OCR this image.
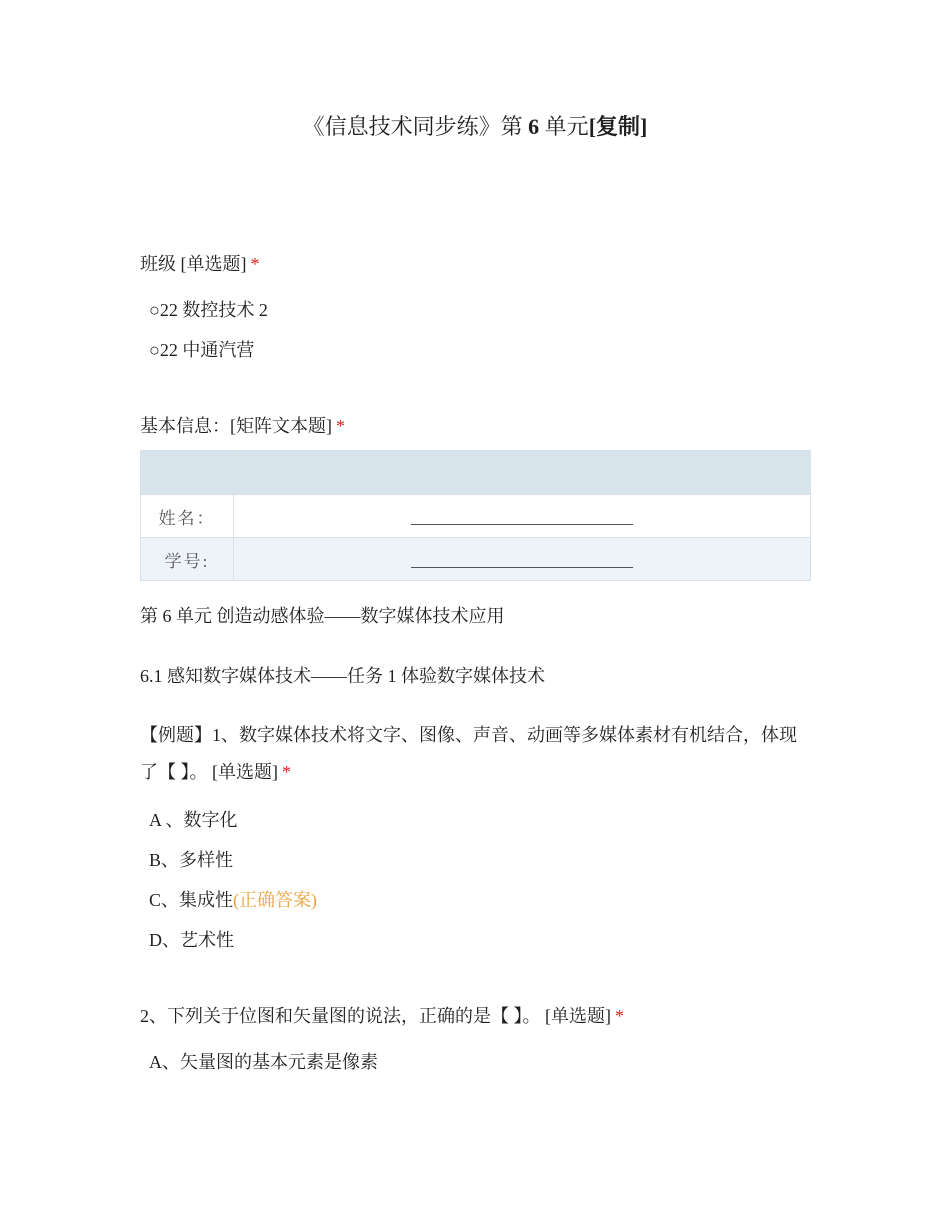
《信息技术同步练》第 6 单元[复制]
班级 [单选题] *
○22 数控技术 2
○22 中通汽营
基本信息：[矩阵文本题] *

姓名：	
学号:	
第 6 单元 创造动感体验——数字媒体技术应用
6.1 感知数字媒体技术——任务 1 体验数字媒体技术
【例题】1、数字媒体技术将文字、图像、声音、动画等多媒体素材有机结合，体现了【 】。 [单选题] *
A 、数字化
B、多样性
C、集成性(正确答案)
D、艺术性
2、下列关于位图和矢量图的说法，正确的是【 】。 [单选题] *
A、矢量图的基本元素是像素
